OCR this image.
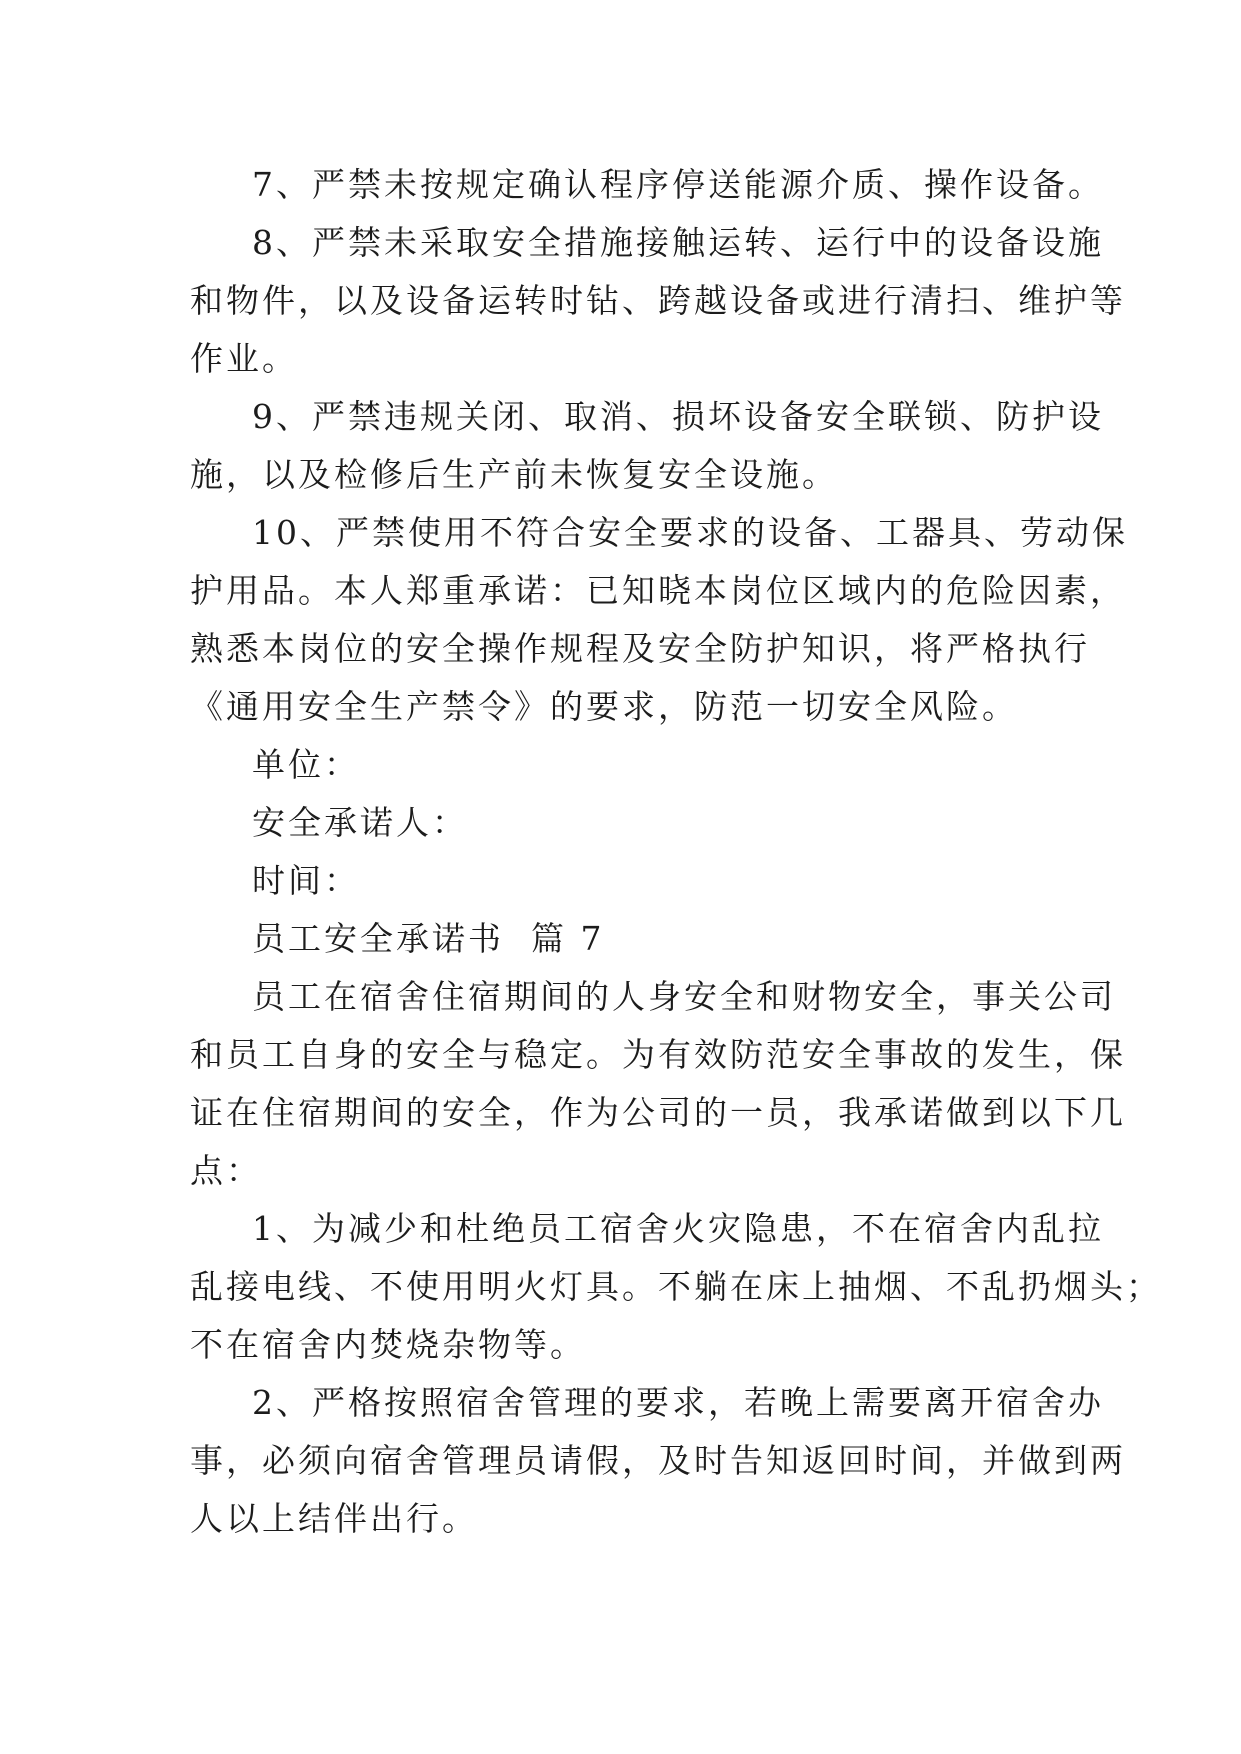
7、严禁未按规定确认程序停送能源介质、操作设备。

8、严禁未采取安全措施接触运转、运行中的设备设施

和物件，以及设备运转时钻、跨越设备或进行清扫、维护等

作业。

9、严禁违规关闭、取消、损坏设备安全联锁、防护设

施，以及检修后生产前未恢复安全设施。

10、严禁使用不符合安全要求的设备、工器具、劳动保

护用品。本人郑重承诺：已知晓本岗位区域内的危险因素，

熟悉本岗位的安全操作规程及安全防护知识，将严格执行

《通用安全生产禁令》的要求，防范一切安全风险。

单位：

安全承诺人：

时间：

员工安全承诺书  篇 7

员工在宿舍住宿期间的人身安全和财物安全，事关公司

和员工自身的安全与稳定。为有效防范安全事故的发生，保

证在住宿期间的安全，作为公司的一员，我承诺做到以下几

点：

1、为减少和杜绝员工宿舍火灾隐患，不在宿舍内乱拉

乱接电线、不使用明火灯具。不躺在床上抽烟、不乱扔烟头；

不在宿舍内焚烧杂物等。

2、严格按照宿舍管理的要求，若晚上需要离开宿舍办

事，必须向宿舍管理员请假，及时告知返回时间，并做到两

人以上结伴出行。
